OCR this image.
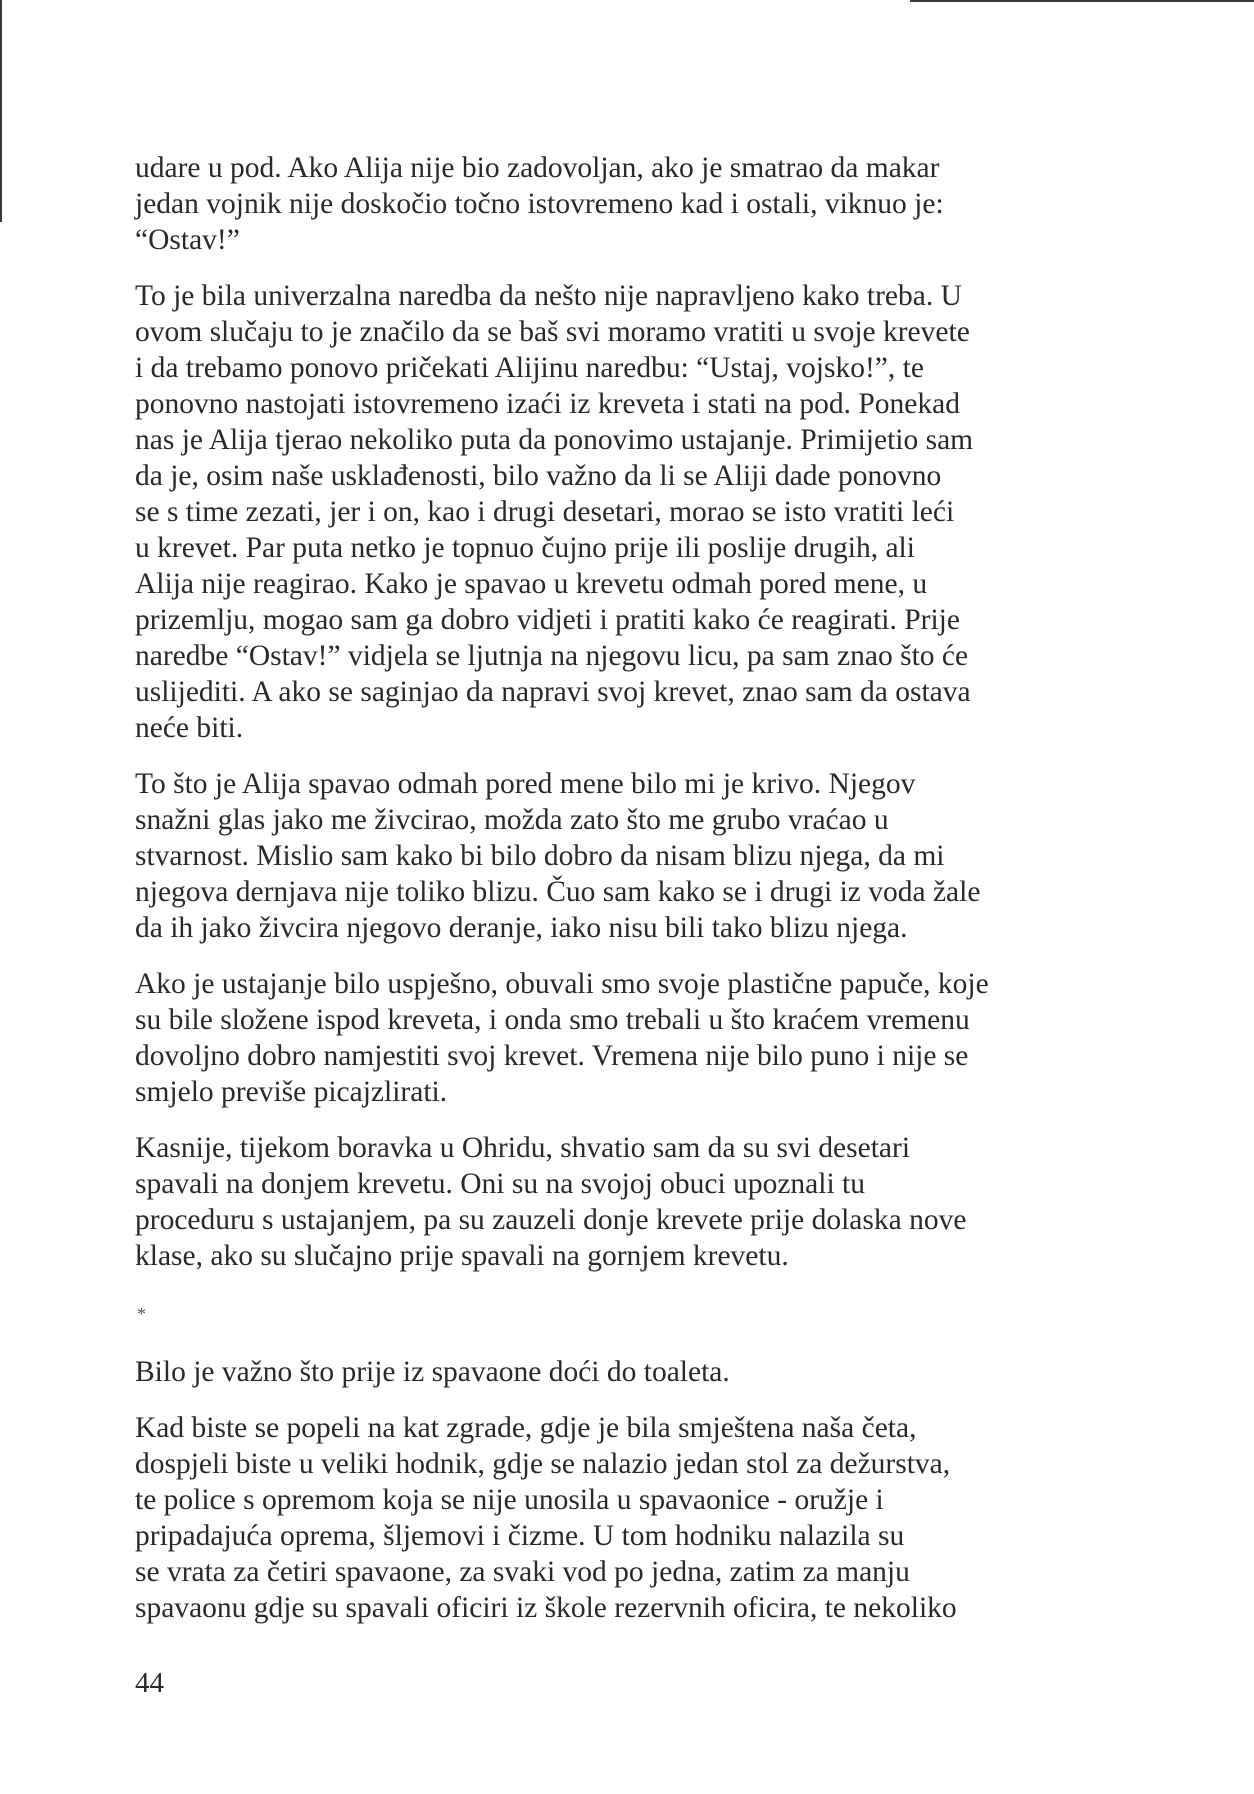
udare u pod. Ako Alija nije bio zadovoljan, ako je smatrao da makar
jedan vojnik nije doskočio točno istovremeno kad i ostali, viknuo je:
“Ostav!”

To je bila univerzalna naredba da nešto nije napravljeno kako treba. U
ovom slučaju to je značilo da se baš svi moramo vratiti u svoje krevete
i da trebamo ponovo pričekati Alijinu naredbu: “Ustaj, vojsko!”, te
ponovno nastojati istovremeno izaći iz kreveta i stati na pod. Ponekad
nas je Alija tjerao nekoliko puta da ponovimo ustajanje. Primijetio sam
da je, osim naše usklađenosti, bilo važno da li se Aliji dade ponovno
se s time zezati, jer i on, kao i drugi desetari, morao se isto vratiti leći
u krevet. Par puta netko je topnuo čujno prije ili poslije drugih, ali
Alija nije reagirao. Kako je spavao u krevetu odmah pored mene, u
prizemlju, mogao sam ga dobro vidjeti i pratiti kako će reagirati. Prije
naredbe “Ostav!” vidjela se ljutnja na njegovu licu, pa sam znao što će
uslijediti. A ako se saginjao da napravi svoj krevet, znao sam da ostava
neće biti.

To što je Alija spavao odmah pored mene bilo mi je krivo. Njegov
snažni glas jako me živcirao, možda zato što me grubo vraćao u
stvarnost. Mislio sam kako bi bilo dobro da nisam blizu njega, da mi
njegova dernjava nije toliko blizu. Čuo sam kako se i drugi iz voda žale
da ih jako živcira njegovo deranje, iako nisu bili tako blizu njega.

Ako je ustajanje bilo uspješno, obuvali smo svoje plastične papuče, koje
su bile složene ispod kreveta, i onda smo trebali u što kraćem vremenu
dovoljno dobro namjestiti svoj krevet. Vremena nije bilo puno i nije se
smjelo previše picajzlirati.

Kasnije, tijekom boravka u Ohridu, shvatio sam da su svi desetari
spavali na donjem krevetu. Oni su na svojoj obuci upoznali tu
proceduru s ustajanjem, pa su zauzeli donje krevete prije dolaska nove
klase, ako su slučajno prije spavali na gornjem krevetu.

*

Bilo je važno što prije iz spavaone doći do toaleta.

Kad biste se popeli na kat zgrade, gdje je bila smještena naša četa,
dospjeli biste u veliki hodnik, gdje se nalazio jedan stol za dežurstva,
te police s opremom koja se nije unosila u spavaonice - oružje i
pripadajuća oprema, šljemovi i čizme. U tom hodniku nalazila su
se vrata za četiri spavaone, za svaki vod po jedna, zatim za manju
spavaonu gdje su spavali oficiri iz škole rezervnih oficira, te nekoliko

44
